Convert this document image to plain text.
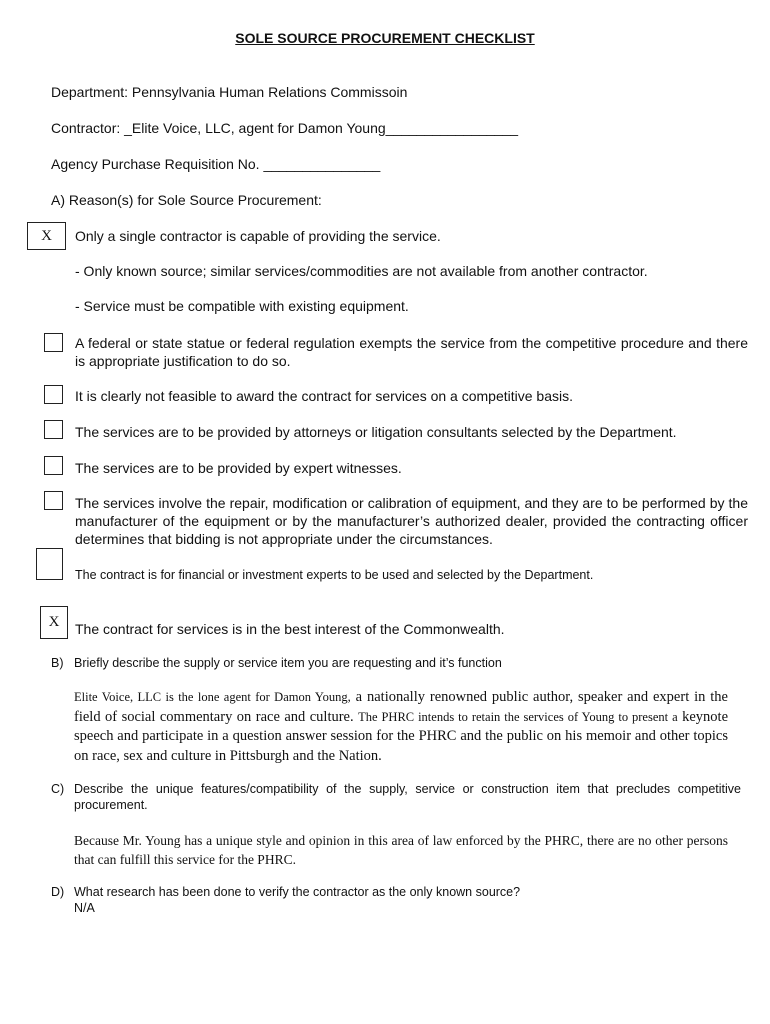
SOLE SOURCE PROCUREMENT CHECKLIST
Department: Pennsylvania Human Relations Commissoin
Contractor: _Elite Voice, LLC, agent for Damon Young_________________
Agency Purchase Requisition No. _______________
A) Reason(s) for Sole Source Procurement:
X	Only a single contractor is capable of providing the service.
- Only known source; similar services/commodities are not available from another contractor.
- Service must be compatible with existing equipment.
A federal or state statue or federal regulation exempts the service from the competitive procedure and there is appropriate justification to do so.
It is clearly not feasible to award the contract for services on a competitive basis.
The services are to be provided by attorneys or litigation consultants selected by the Department.
The services are to be provided by expert witnesses.
The services involve the repair, modification or calibration of equipment, and they are to be performed by the manufacturer of the equipment or by the manufacturer’s authorized dealer, provided the contracting officer determines that bidding is not appropriate under the circumstances.
The contract is for financial or investment experts to be used and selected by the Department.
X	The contract for services is in the best interest of the Commonwealth.
B) Briefly describe the supply or service item you are requesting and it’s function
Elite Voice, LLC is the lone agent for Damon Young, a nationally renowned public author, speaker and expert in the field of social commentary on race and culture. The PHRC intends to retain the services of Young to present a keynote speech and participate in a question answer session for the PHRC and the public on his memoir and other topics on race, sex and culture in Pittsburgh and the Nation.
C) Describe the unique features/compatibility of the supply, service or construction item that precludes competitive procurement.
Because Mr. Young has a unique style and opinion in this area of law enforced by the PHRC, there are no other persons that can fulfill this service for the PHRC.
D) What research has been done to verify the contractor as the only known source?
N/A
